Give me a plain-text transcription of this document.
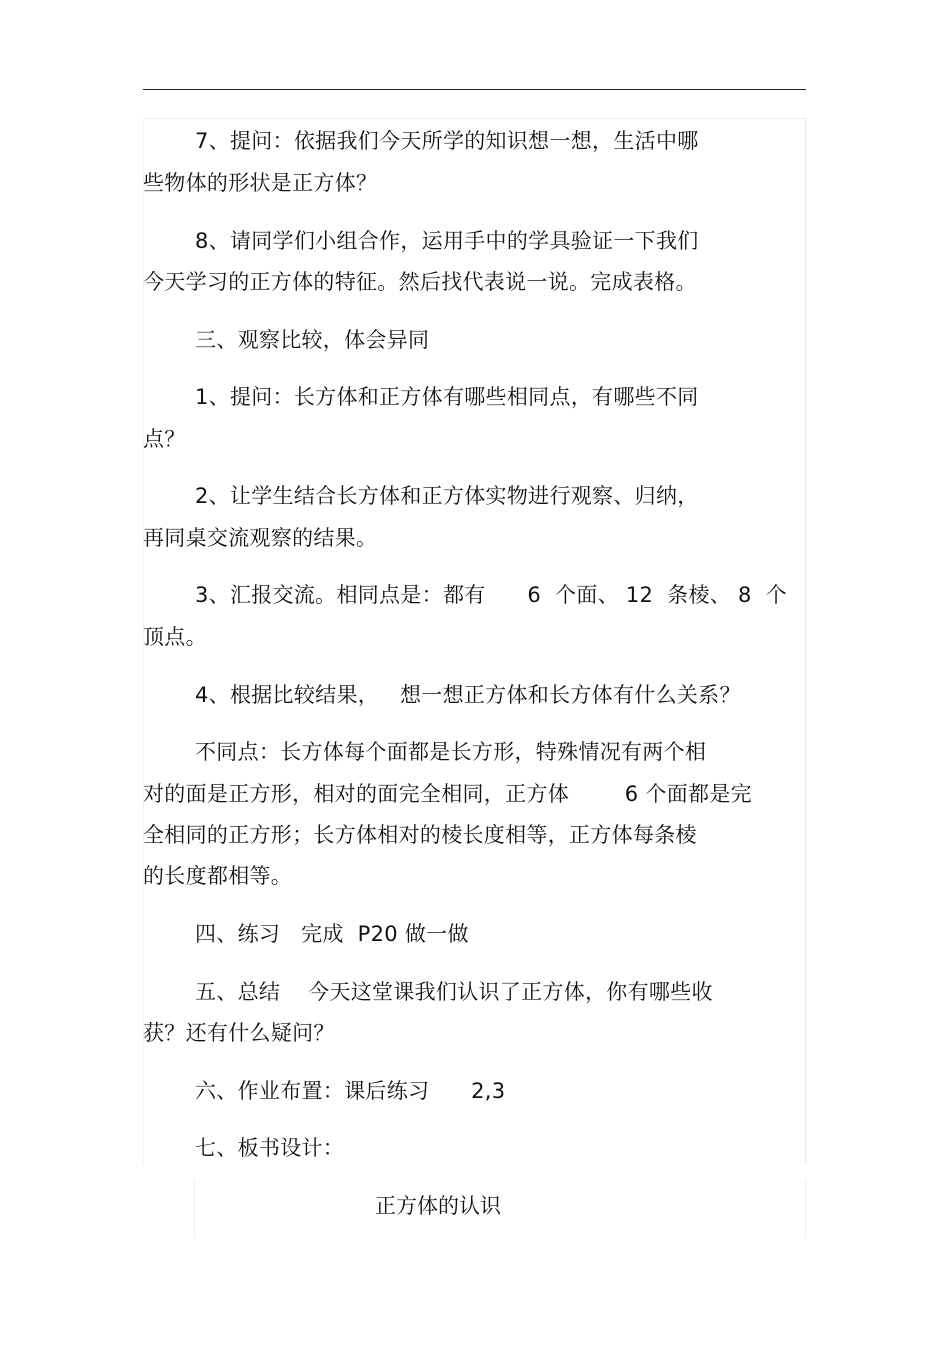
7、提问：依据我们今天所学的知识想一想，生活中哪
些物体的形状是正方体？
8、请同学们小组合作，运用手中的学具验证一下我们
今天学习的正方体的特征。然后找代表说一说。完成表格。
三、观察比较，体会异同
1、提问：长方体和正方体有哪些相同点，有哪些不同
点？
2、让学生结合长方体和正方体实物进行观察、归纳，
再同桌交流观察的结果。
3、汇报交流。相同点是：都有      6  个面、 12  条棱、 8  个
顶点。
4、根据比较结果，   想一想正方体和长方体有什么关系？
不同点：长方体每个面都是长方形，特殊情况有两个相
对的面是正方形，相对的面完全相同，正方体        6 个面都是完
全相同的正方形；长方体相对的棱长度相等，正方体每条棱
的长度都相等。
四、练习   完成  P20 做一做
五、总结    今天这堂课我们认识了正方体，你有哪些收
获？还有什么疑问？
六、作业布置：课后练习      2,3
七、板书设计：
正方体的认识
